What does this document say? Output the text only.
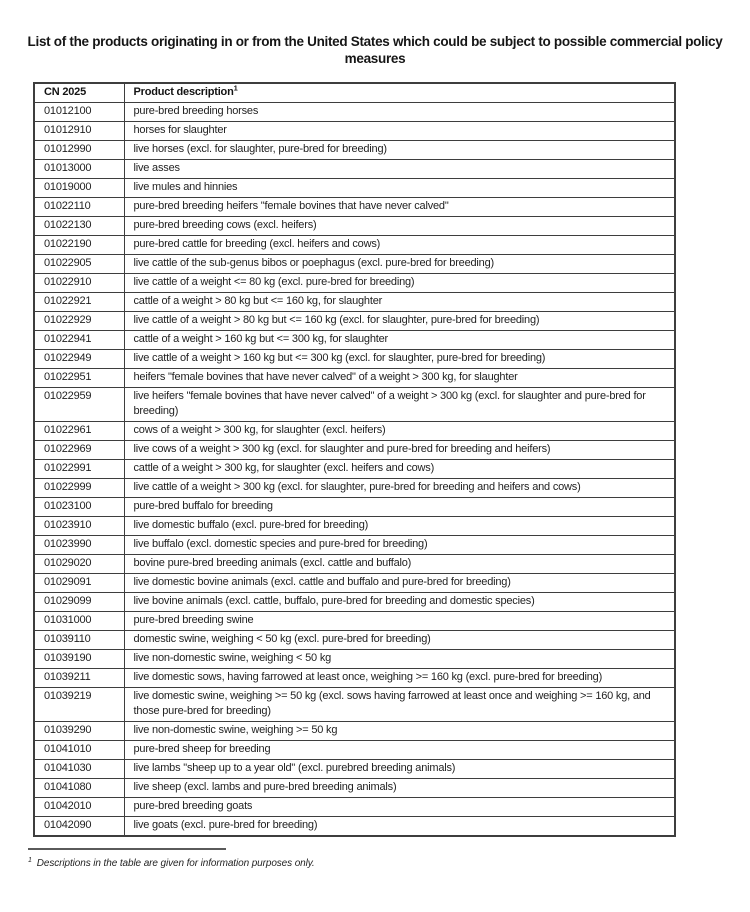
List of the products originating in or from the United States which could be subject to possible commercial policy measures
CN 2025	Product description$^1$
01012100	pure-bred breeding horses
01012910	horses for slaughter
01012990	live horses (excl. for slaughter, pure-bred for breeding)
01013000	live asses
01019000	live mules and hinnies
01022110	pure-bred breeding heifers "female bovines that have never calved"
01022130	pure-bred breeding cows (excl. heifers)
01022190	pure-bred cattle for breeding (excl. heifers and cows)
01022905	live cattle of the sub-genus bibos or poephagus (excl. pure-bred for breeding)
01022910	live cattle of a weight <= 80 kg (excl. pure-bred for breeding)
01022921	cattle of a weight > 80 kg but <= 160 kg, for slaughter
01022929	live cattle of a weight > 80 kg but <= 160 kg (excl. for slaughter, pure-bred for breeding)
01022941	cattle of a weight > 160 kg but <= 300 kg, for slaughter
01022949	live cattle of a weight > 160 kg but <= 300 kg (excl. for slaughter, pure-bred for breeding)
01022951	heifers "female bovines that have never calved" of a weight > 300 kg, for slaughter
01022959	live heifers "female bovines that have never calved" of a weight > 300 kg (excl. for slaughter and pure-bred for breeding)
01022961	cows of a weight > 300 kg, for slaughter (excl. heifers)
01022969	live cows of a weight > 300 kg (excl. for slaughter and pure-bred for breeding and heifers)
01022991	cattle of a weight > 300 kg, for slaughter (excl. heifers and cows)
01022999	live cattle of a weight > 300 kg (excl. for slaughter, pure-bred for breeding and heifers and cows)
01023100	pure-bred buffalo for breeding
01023910	live domestic buffalo (excl. pure-bred for breeding)
01023990	live buffalo (excl. domestic species and pure-bred for breeding)
01029020	bovine pure-bred breeding animals (excl. cattle and buffalo)
01029091	live domestic bovine animals (excl. cattle and buffalo and pure-bred for breeding)
01029099	live bovine animals (excl. cattle, buffalo, pure-bred for breeding and domestic species)
01031000	pure-bred breeding swine
01039110	domestic swine, weighing < 50 kg (excl. pure-bred for breeding)
01039190	live non-domestic swine, weighing < 50 kg
01039211	live domestic sows, having farrowed at least once, weighing >= 160 kg (excl. pure-bred for breeding)
01039219	live domestic swine, weighing >= 50 kg (excl. sows having farrowed at least once and weighing >= 160 kg, and those pure-bred for breeding)
01039290	live non-domestic swine, weighing >= 50 kg
01041010	pure-bred sheep for breeding
01041030	live lambs "sheep up to a year old" (excl. purebred breeding animals)
01041080	live sheep (excl. lambs and pure-bred breeding animals)
01042010	pure-bred breeding goats
01042090	live goats (excl. pure-bred for breeding)
$^1$ Descriptions in the table are given for information purposes only.
